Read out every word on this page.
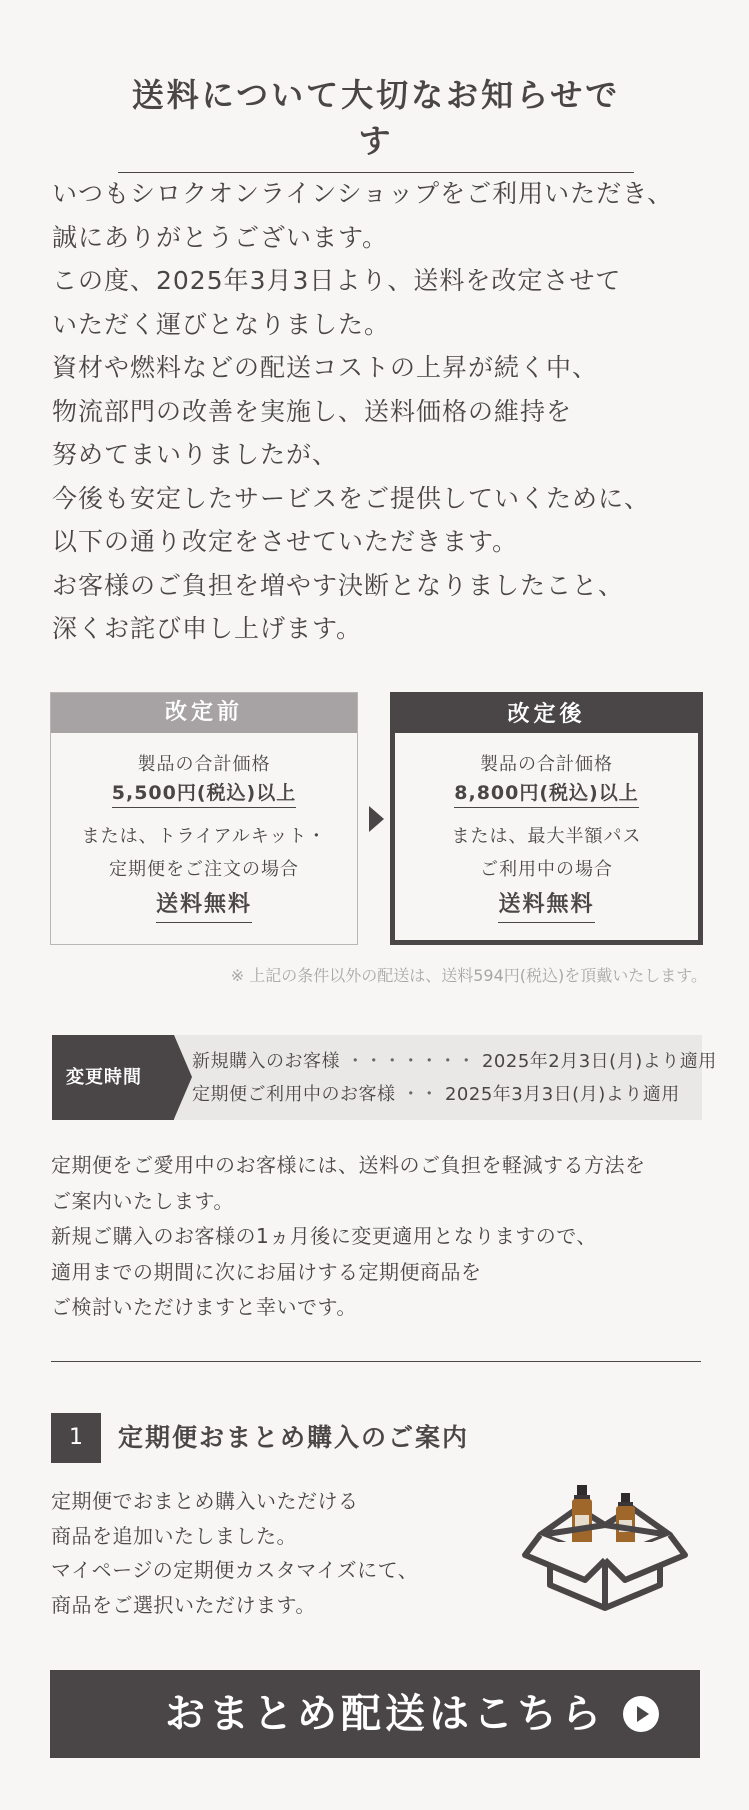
送料について大切なお知らせです

いつもシロクオンラインショップをご利用いただき、

誠にありがとうございます。

この度、2025年3月3日より、送料を改定させて

いただく運びとなりました。

資材や燃料などの配送コストの上昇が続く中、

物流部門の改善を実施し、送料価格の維持を

努めてまいりましたが、

今後も安定したサービスをご提供していくために、

以下の通り改定をさせていただきます。

お客様のご負担を増やす決断となりましたこと、

深くお詫び申し上げます。

改定前
製品の合計価格
5,500円(税込)以上
または、トライアルキット・
定期便をご注文の場合
送料無料
改定後
製品の合計価格
8,800円(税込)以上
または、最大半額パス
ご利用中の場合
送料無料
※ 上記の条件以外の配送は、送料594円(税込)を頂戴いたします。
変更時間
新規購入のお客様 ・・・・・・・ 2025年2月3日(月)より適用
定期便ご利用中のお客様 ・・ 2025年3月3日(月)より適用

定期便をご愛用中のお客様には、送料のご負担を軽減する方法を

ご案内いたします。

新規ご購入のお客様の1ヵ月後に変更適用となりますので、

適用までの期間に次にお届けする定期便商品を

ご検討いただけますと幸いです。

1	定期便おまとめ購入のご案内

定期便でおまとめ購入いただける

商品を追加いたしました。

マイページの定期便カスタマイズにて、

商品をご選択いただけます。

おまとめ配送はこちら
